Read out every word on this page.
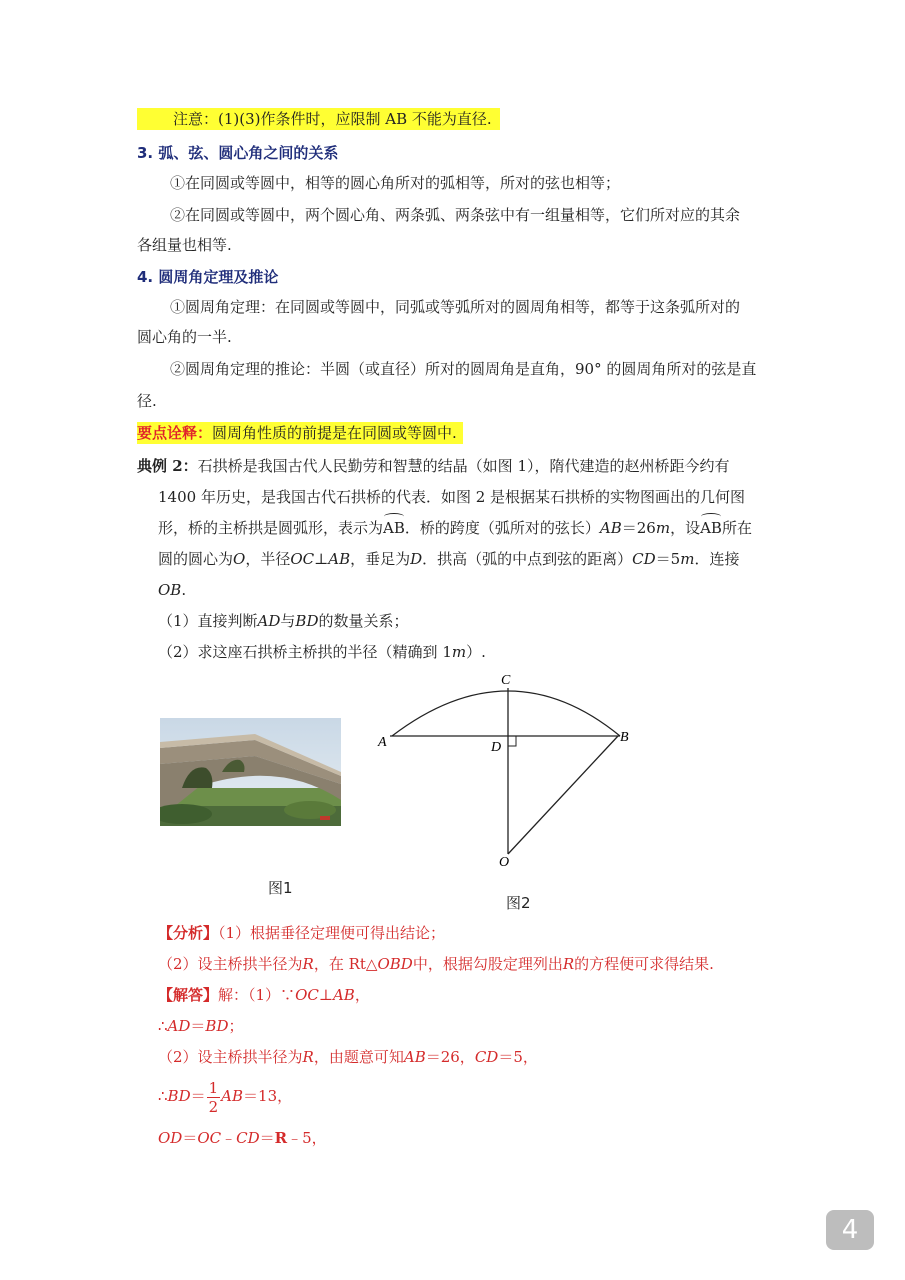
注意：(1)(3)作条件时，应限制 AB 不能为直径.
3. 弧、弦、圆心角之间的关系
①在同圆或等圆中，相等的圆心角所对的弧相等，所对的弦也相等；
②在同圆或等圆中，两个圆心角、两条弧、两条弦中有一组量相等，它们所对应的其余
各组量也相等.
4. 圆周角定理及推论
①圆周角定理：在同圆或等圆中，同弧或等弧所对的圆周角相等，都等于这条弧所对的
圆心角的一半.
②圆周角定理的推论：半圆（或直径）所对的圆周角是直角，90° 的圆周角所对的弦是直
径.
要点诠释：圆周角性质的前提是在同圆或等圆中.
典例 2：石拱桥是我国古代人民勤劳和智慧的结晶（如图 1），隋代建造的赵州桥距今约有
1400 年历史，是我国古代石拱桥的代表．如图 2 是根据某石拱桥的实物图画出的几何图
形，桥的主桥拱是圆弧形，表示为AB．桥的跨度（弧所对的弦长）AB＝26m，设AB所在
圆的圆心为O，半径OC⊥AB，垂足为D．拱高（弧的中点到弦的距离）CD＝5m．连接
OB.
（1）直接判断AD与BD的数量关系；
（2）求这座石拱桥主桥拱的半径（精确到 1m）.
图1
A	B
C
D
O
图2
【分析】（1）根据垂径定理便可得出结论；
（2）设主桥拱半径为R，在 Rt△OBD中，根据勾股定理列出R的方程便可求得结果.
【解答】解：（1）∵OC⊥AB，
∴AD＝BD；
（2）设主桥拱半径为R，由题意可知AB＝26，CD＝5，
∴BD＝ $\frac{1}{2} AB=13$，
OD＝OC﹣CD＝R﹣5，
4
